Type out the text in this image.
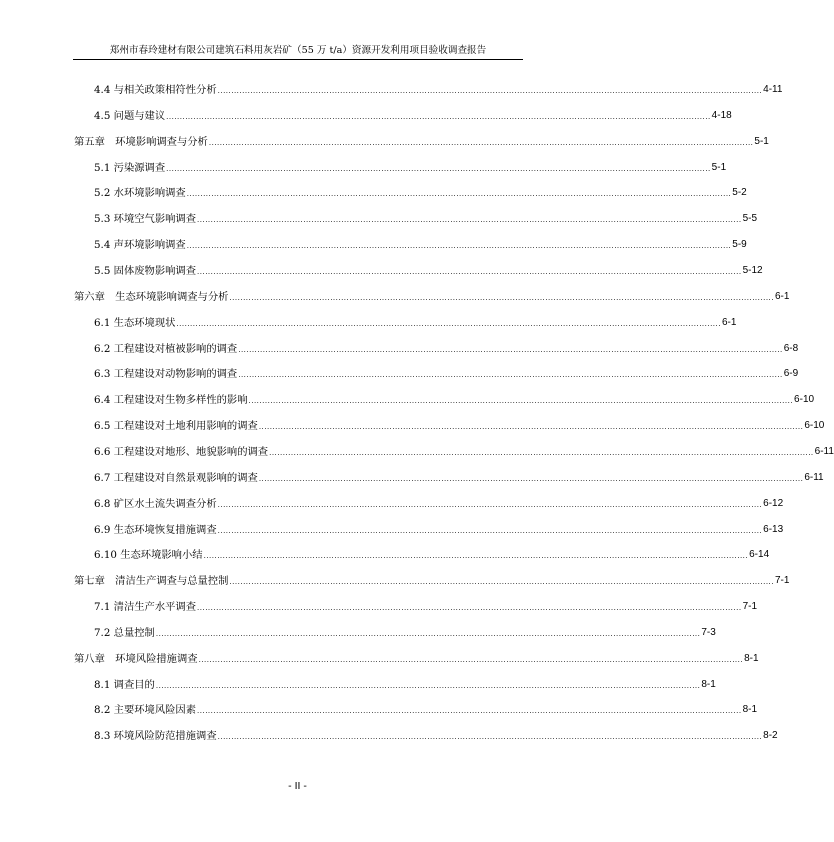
郑州市春玲建材有限公司建筑石料用灰岩矿（55 万 t/a）资源开发利用项目验收调查报告
4.4 与相关政策相符性分析 ........................................................................................................................................................................................................ 4-11
4.5 问题与建议 ........................................................................................................................................................................................................ 4-18
第五章　环境影响调查与分析 ........................................................................................................................................................................................................ 5-1
5.1 污染源调查 ........................................................................................................................................................................................................ 5-1
5.2 水环境影响调查 ........................................................................................................................................................................................................ 5-2
5.3 环境空气影响调查 ........................................................................................................................................................................................................ 5-5
5.4 声环境影响调查 ........................................................................................................................................................................................................ 5-9
5.5 固体废物影响调查 ........................................................................................................................................................................................................ 5-12
第六章　生态环境影响调查与分析 ........................................................................................................................................................................................................ 6-1
6.1 生态环境现状 ........................................................................................................................................................................................................ 6-1
6.2 工程建设对植被影响的调查 ........................................................................................................................................................................................................ 6-8
6.3 工程建设对动物影响的调查 ........................................................................................................................................................................................................ 6-9
6.4 工程建设对生物多样性的影响 ........................................................................................................................................................................................................ 6-10
6.5 工程建设对土地利用影响的调查 ........................................................................................................................................................................................................ 6-10
6.6 工程建设对地形、地貌影响的调查 ........................................................................................................................................................................................................ 6-11
6.7 工程建设对自然景观影响的调查 ........................................................................................................................................................................................................ 6-11
6.8 矿区水土流失调查分析 ........................................................................................................................................................................................................ 6-12
6.9 生态环境恢复措施调查 ........................................................................................................................................................................................................ 6-13
6.10 生态环境影响小结 ........................................................................................................................................................................................................ 6-14
第七章　清洁生产调查与总量控制 ........................................................................................................................................................................................................ 7-1
7.1 清洁生产水平调查 ........................................................................................................................................................................................................ 7-1
7.2 总量控制 ........................................................................................................................................................................................................ 7-3
第八章　环境风险措施调查 ........................................................................................................................................................................................................ 8-1
8.1 调查目的 ........................................................................................................................................................................................................ 8-1
8.2 主要环境风险因素 ........................................................................................................................................................................................................ 8-1
8.3 环境风险防范措施调查 ........................................................................................................................................................................................................ 8-2
- II -
